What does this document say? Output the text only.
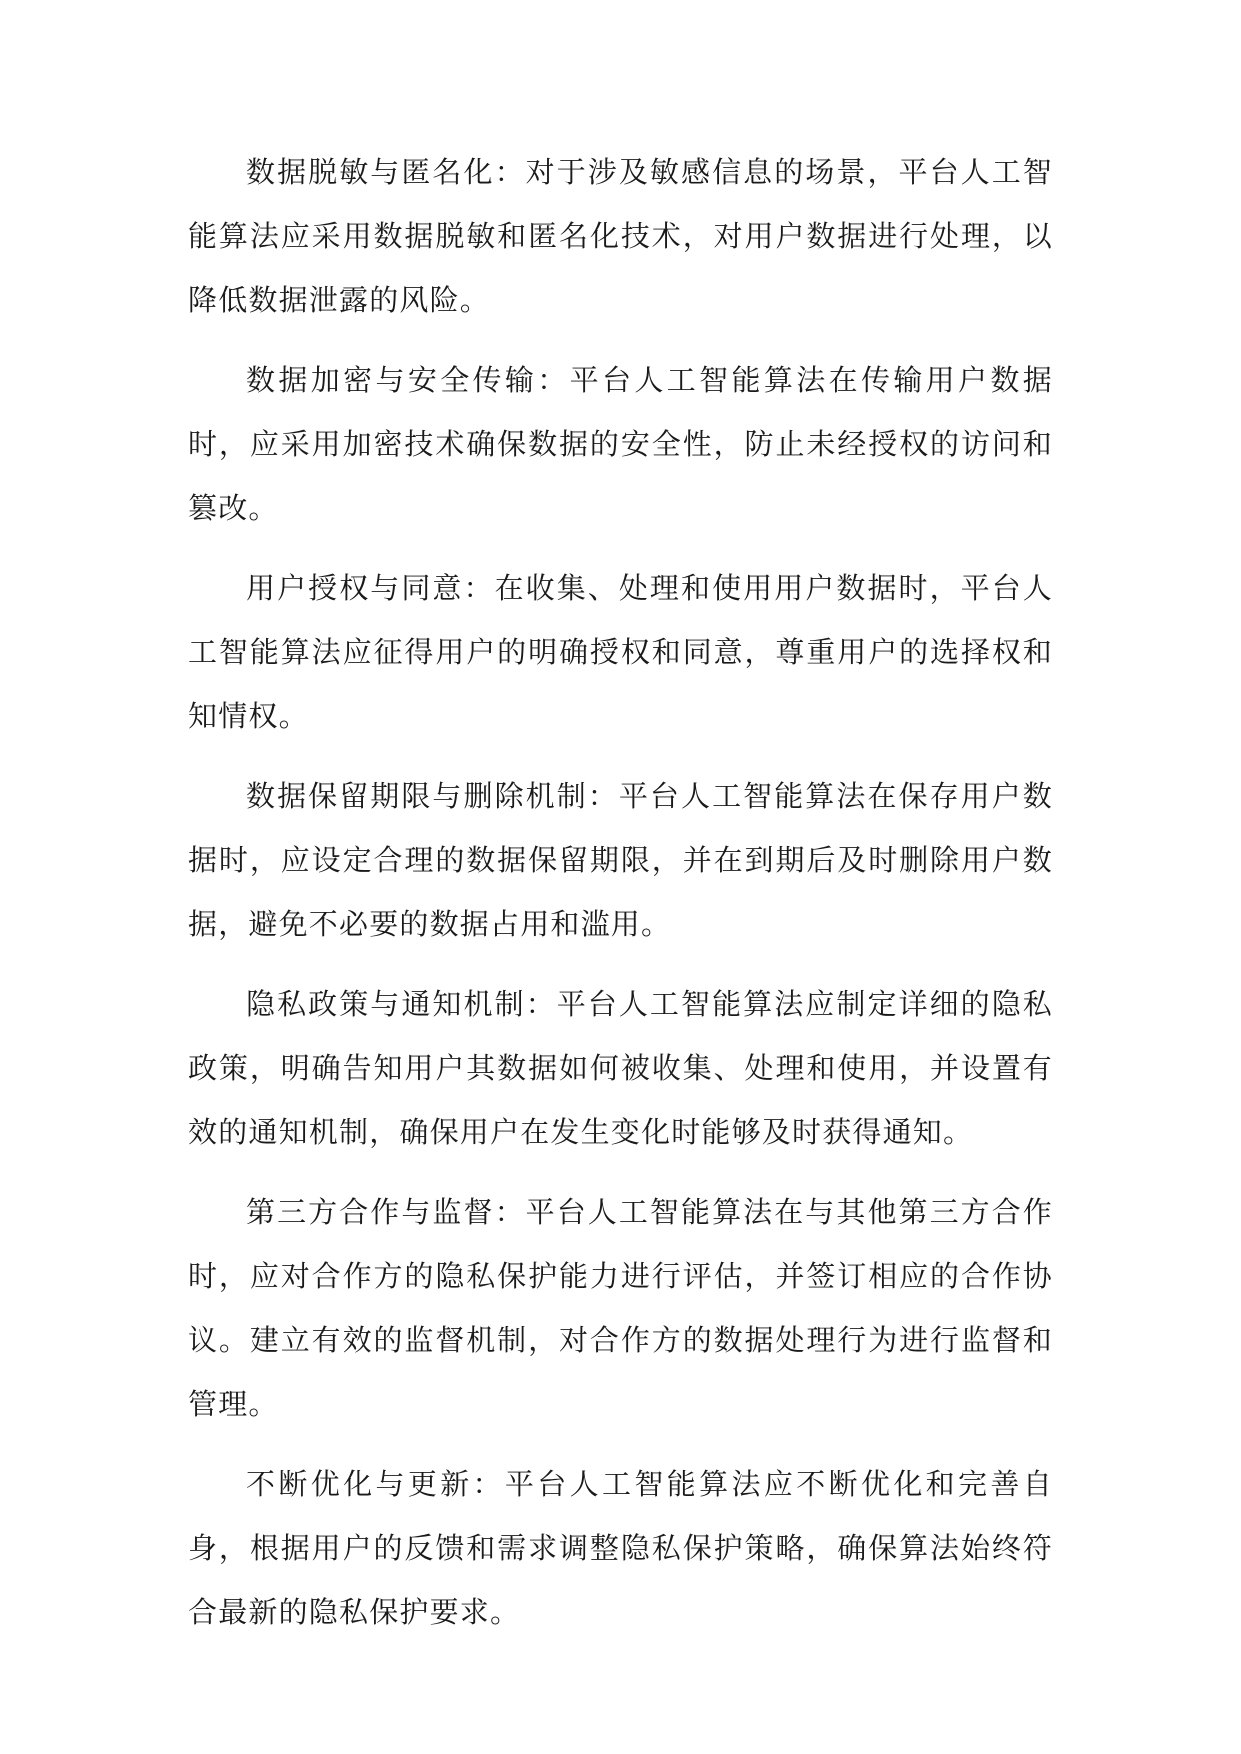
数据脱敏与匿名化：对于涉及敏感信息的场景，平台人工智能算法应采用数据脱敏和匿名化技术，对用户数据进行处理，以降低数据泄露的风险。

数据加密与安全传输：平台人工智能算法在传输用户数据时，应采用加密技术确保数据的安全性，防止未经授权的访问和篡改。

用户授权与同意：在收集、处理和使用用户数据时，平台人工智能算法应征得用户的明确授权和同意，尊重用户的选择权和知情权。

数据保留期限与删除机制：平台人工智能算法在保存用户数据时，应设定合理的数据保留期限，并在到期后及时删除用户数据，避免不必要的数据占用和滥用。

隐私政策与通知机制：平台人工智能算法应制定详细的隐私政策，明确告知用户其数据如何被收集、处理和使用，并设置有效的通知机制，确保用户在发生变化时能够及时获得通知。

第三方合作与监督：平台人工智能算法在与其他第三方合作时，应对合作方的隐私保护能力进行评估，并签订相应的合作协议。建立有效的监督机制，对合作方的数据处理行为进行监督和管理。

不断优化与更新：平台人工智能算法应不断优化和完善自身，根据用户的反馈和需求调整隐私保护策略，确保算法始终符合最新的隐私保护要求。
